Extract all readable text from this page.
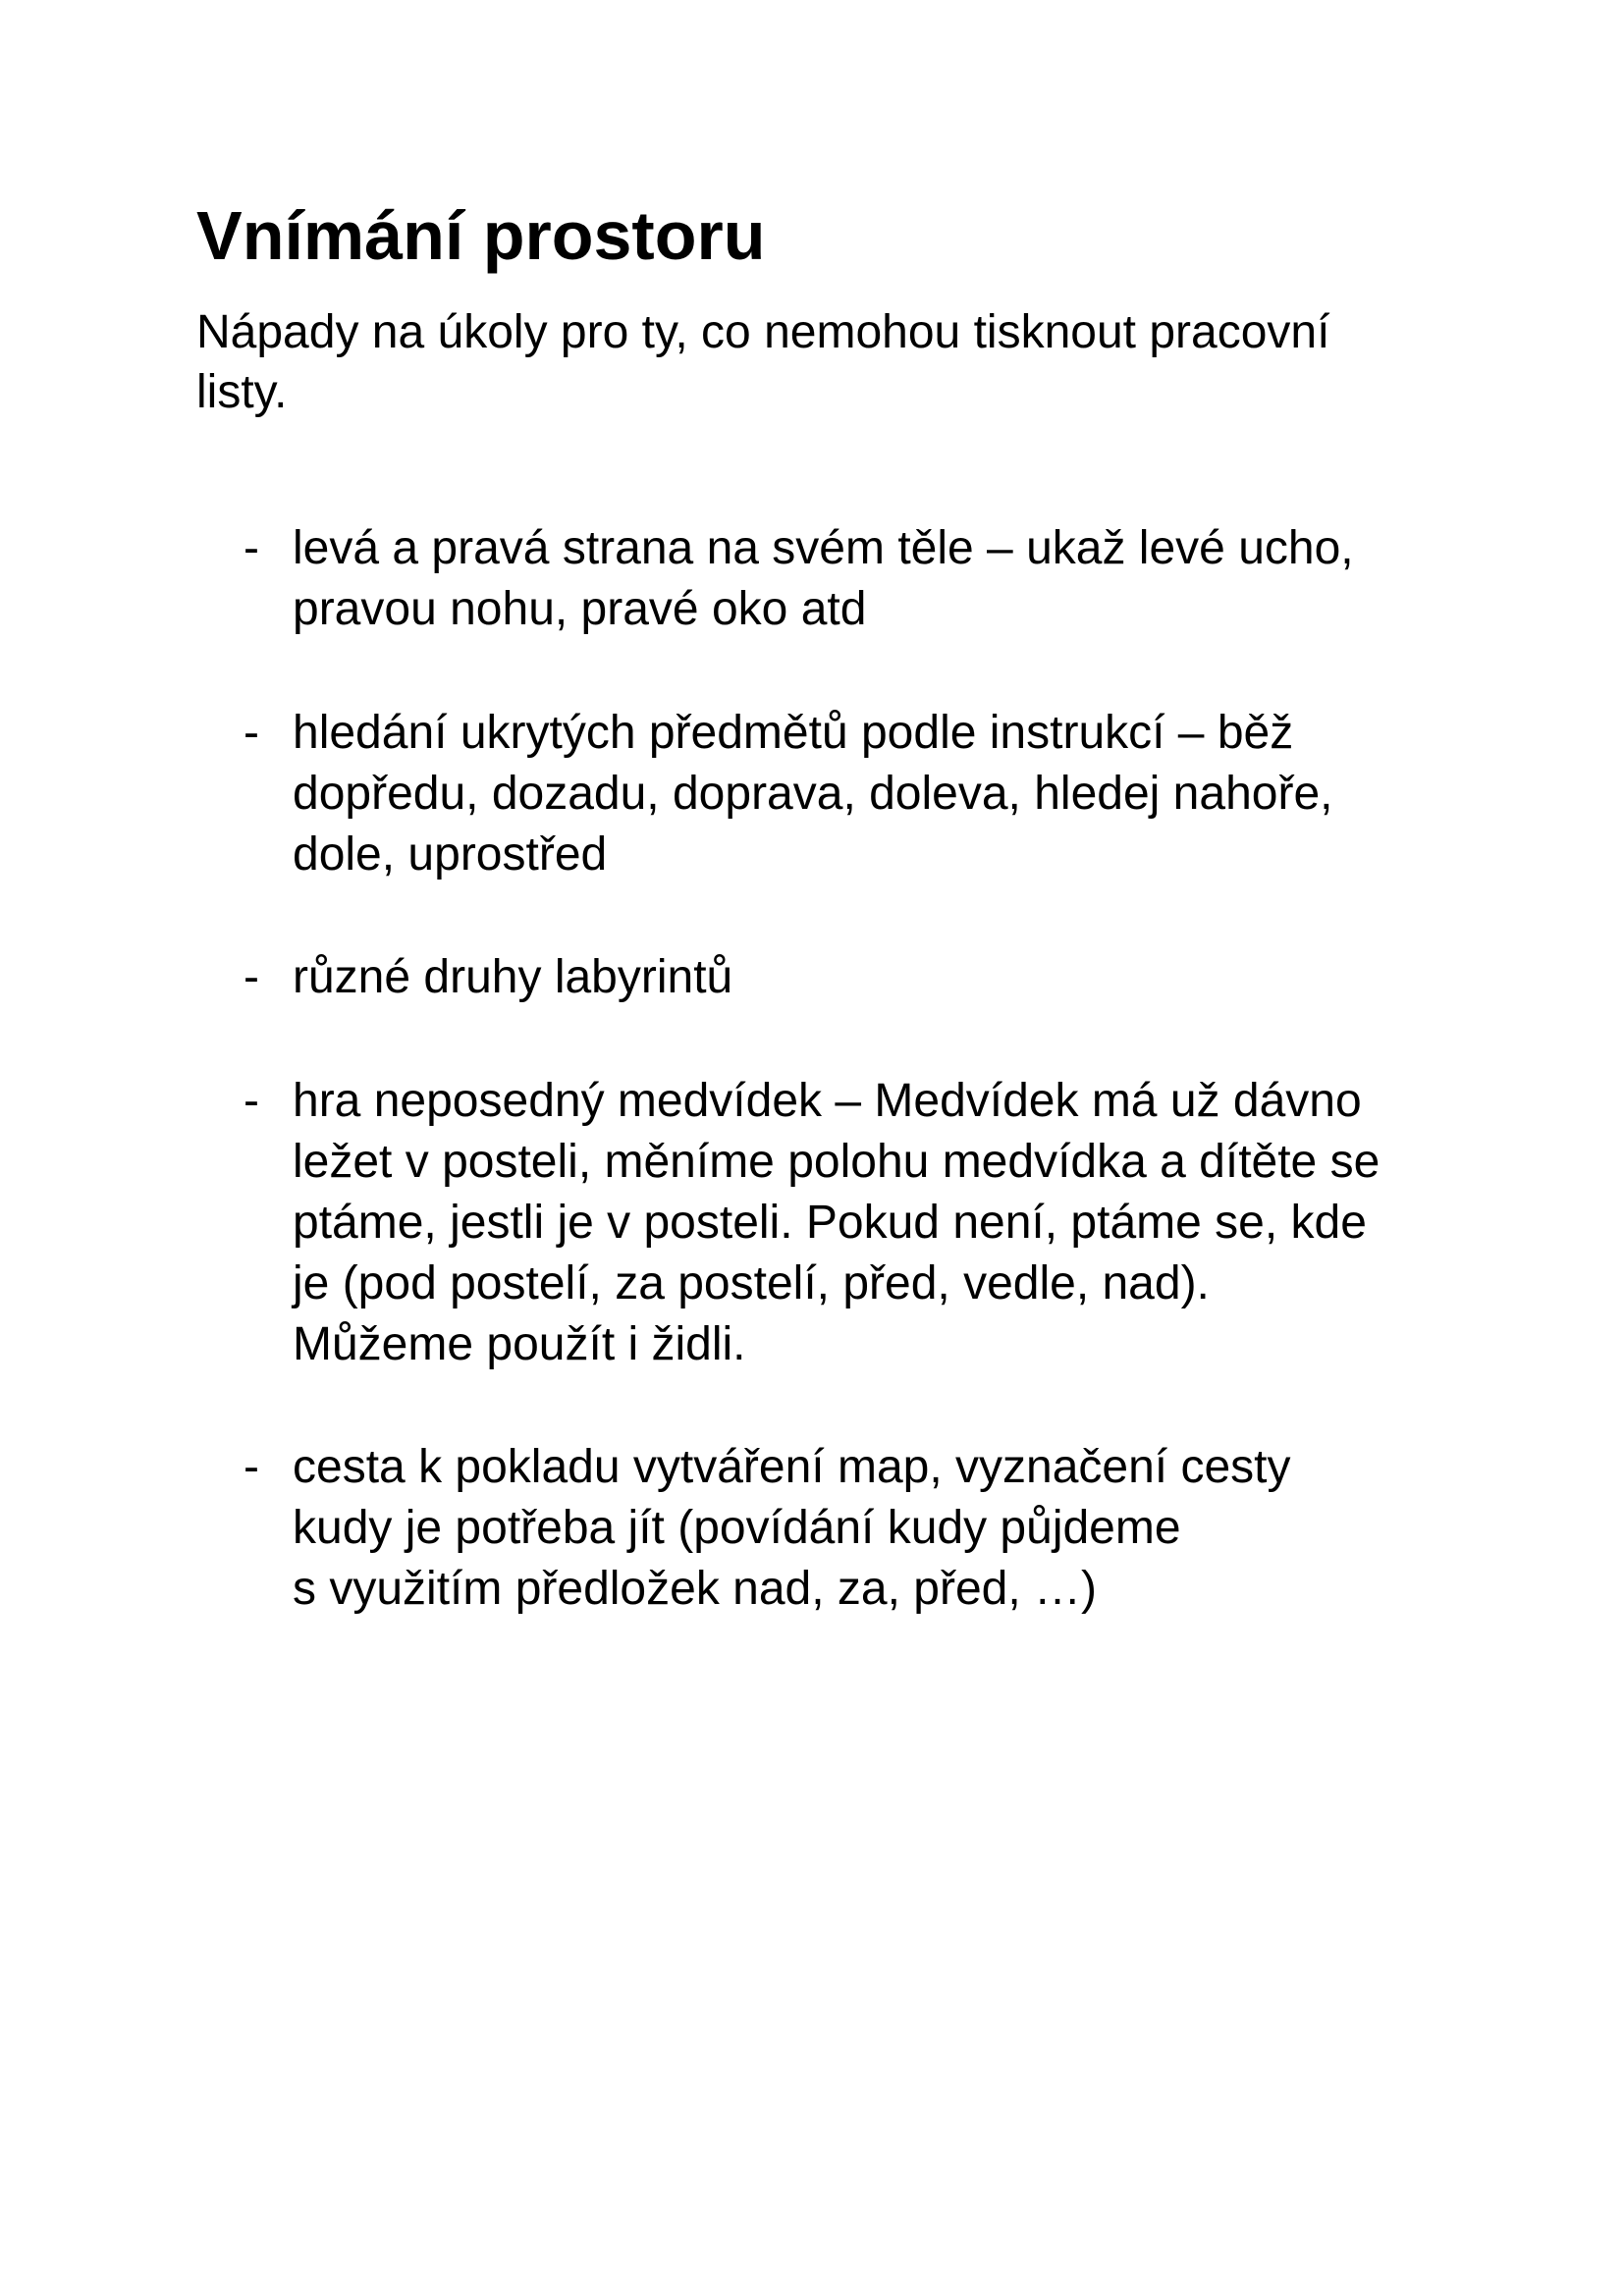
Vnímání prostoru

Nápady na úkoly pro ty, co nemohou tisknout pracovní
listy.

- levá a pravá strana na svém těle – ukaž levé ucho,
pravou nohu, pravé oko atd
- hledání ukrytých předmětů podle instrukcí – běž
dopředu, dozadu, doprava, doleva, hledej nahoře,
dole, uprostřed
- různé druhy labyrintů
- hra neposedný medvídek – Medvídek má už dávno
ležet v posteli, měníme polohu medvídka a dítěte se
ptáme, jestli je v posteli. Pokud není, ptáme se, kde
je (pod postelí, za postelí, před, vedle, nad).
Můžeme použít i židli.
- cesta k pokladu vytváření map, vyznačení cesty
kudy je potřeba jít (povídání kudy půjdeme
s využitím předložek nad, za, před, …)
